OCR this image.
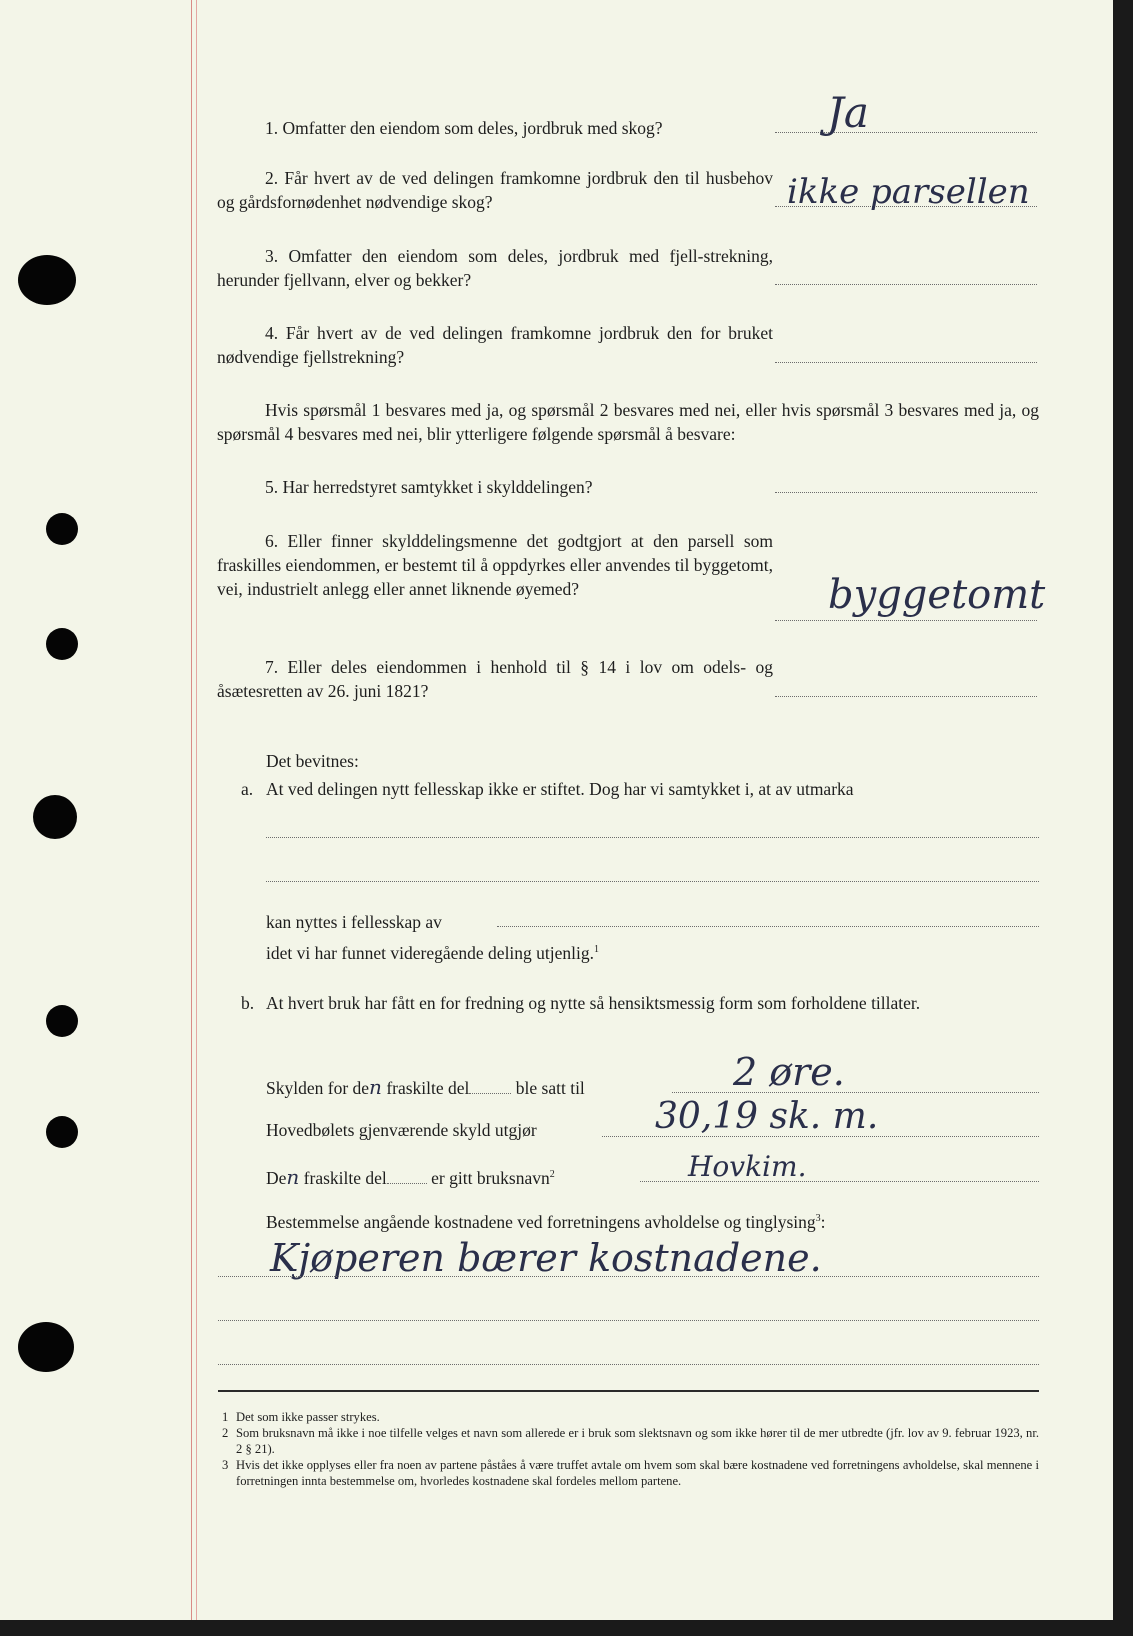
1. Omfatter den eiendom som deles, jordbruk med skog?	Ja
2. Får hvert av de ved delingen framkomne jordbruk den til husbehov og gårdsfornødenhet nødvendige skog?	ikke parsellen
3. Omfatter den eiendom som deles, jordbruk med fjell-strekning, herunder fjellvann, elver og bekker?
4. Får hvert av de ved delingen framkomne jordbruk den for bruket nødvendige fjellstrekning?
Hvis spørsmål 1 besvares med ja, og spørsmål 2 besvares med nei, eller hvis spørsmål 3 besvares med ja, og spørsmål 4 besvares med nei, blir ytterligere følgende spørsmål å besvare:
5. Har herredstyret samtykket i skylddelingen?
6. Eller finner skylddelingsmenne det godtgjort at den parsell som fraskilles eiendommen, er bestemt til å oppdyrkes eller anvendes til byggetomt, vei, industrielt anlegg eller annet liknende øyemed?	byggetomt
7. Eller deles eiendommen i henhold til § 14 i lov om odels- og åsætesretten av 26. juni 1821?
Det bevitnes:
a. At ved delingen nytt fellesskap ikke er stiftet. Dog har vi samtykket i, at av utmarka
kan nyttes i fellesskap av
idet vi har funnet videregående deling utjenlig.$^1$
b. At hvert bruk har fått en for fredning og nytte så hensiktsmessig form som forholdene tillater.
Skylden for den fraskilte del	ble satt til	2 øre.
Hovedbølets gjenværende skyld utgjør	30,19 sk. m.
Den fraskilte del	er gitt bruksnavn$^2$	Hovkim.
Bestemmelse angående kostnadene ved forretningens avholdelse og tinglysing$^3$:
Kjøperen bærer kostnadene.
1 Det som ikke passer strykes.
2 Som bruksnavn må ikke i noe tilfelle velges et navn som allerede er i bruk som slektsnavn og som ikke hører til de mer utbredte (jfr. lov av 9. februar 1923, nr. 2 § 21).
3 Hvis det ikke opplyses eller fra noen av partene påståes å være truffet avtale om hvem som skal bære kostnadene ved forretningens avholdelse, skal mennene i forretningen innta bestemmelse om, hvorledes kostnadene skal fordeles mellom partene.
